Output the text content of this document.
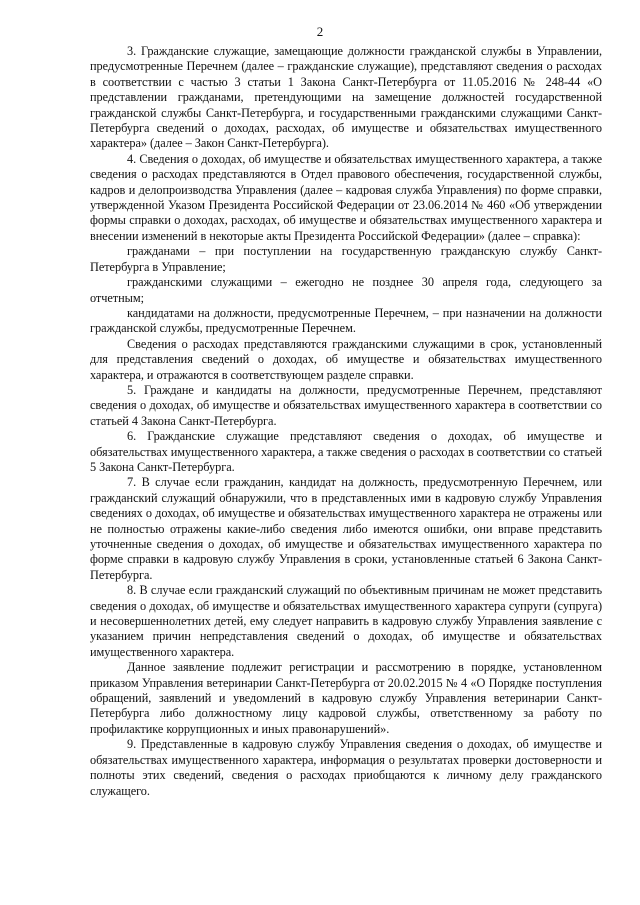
2

3. Гражданские служащие, замещающие должности гражданской службы в Управлении, предусмотренные Перечнем (далее – гражданские служащие), представляют сведения о расходах в соответствии с частью 3 статьи 1 Закона Санкт-Петербурга от 11.05.2016 № 248-44 «О представлении гражданами, претендующими на замещение должностей государственной гражданской службы Санкт-Петербурга, и государственными гражданскими служащими Санкт-Петербурга сведений о доходах, расходах, об имуществе и обязательствах имущественного характера» (далее – Закон Санкт-Петербурга).

4. Сведения о доходах, об имуществе и обязательствах имущественного характера, а также сведения о расходах представляются в Отдел правового обеспечения, государственной службы, кадров и делопроизводства Управления (далее – кадровая служба Управления) по форме справки, утвержденной Указом Президента Российской Федерации от 23.06.2014 № 460 «Об утверждении формы справки о доходах, расходах, об имуществе и обязательствах имущественного характера и внесении изменений в некоторые акты Президента Российской Федерации» (далее – справка):

гражданами – при поступлении на государственную гражданскую службу Санкт-Петербурга в Управление;

гражданскими служащими – ежегодно не позднее 30 апреля года, следующего за отчетным;

кандидатами на должности, предусмотренные Перечнем, – при назначении на должности гражданской службы, предусмотренные Перечнем.

Сведения о расходах представляются гражданскими служащими в срок, установленный для представления сведений о доходах, об имуществе и обязательствах имущественного характера, и отражаются в соответствующем разделе справки.

5. Граждане и кандидаты на должности, предусмотренные Перечнем, представляют сведения о доходах, об имуществе и обязательствах имущественного характера в соответствии со статьей 4 Закона Санкт-Петербурга.

6. Гражданские служащие представляют сведения о доходах, об имуществе и обязательствах имущественного характера, а также сведения о расходах в соответствии со статьей 5 Закона Санкт-Петербурга.

7. В случае если гражданин, кандидат на должность, предусмотренную Перечнем, или гражданский служащий обнаружили, что в представленных ими в кадровую службу Управления сведениях о доходах, об имуществе и обязательствах имущественного характера не отражены или не полностью отражены какие-либо сведения либо имеются ошибки, они вправе представить уточненные сведения о доходах, об имуществе и обязательствах имущественного характера по форме справки в кадровую службу Управления в сроки, установленные статьей 6 Закона Санкт-Петербурга.

8. В случае если гражданский служащий по объективным причинам не может представить сведения о доходах, об имуществе и обязательствах имущественного характера супруги (супруга) и несовершеннолетних детей, ему следует направить в кадровую службу Управления заявление с указанием причин непредставления сведений о доходах, об имуществе и обязательствах имущественного характера.

Данное заявление подлежит регистрации и рассмотрению в порядке, установленном приказом Управления ветеринарии Санкт-Петербурга от 20.02.2015 № 4 «О Порядке поступления обращений, заявлений и уведомлений в кадровую службу Управления ветеринарии Санкт-Петербурга либо должностному лицу кадровой службы, ответственному за работу по профилактике коррупционных и иных правонарушений».

9. Представленные в кадровую службу Управления сведения о доходах, об имуществе и обязательствах имущественного характера, информация о результатах проверки достоверности и полноты этих сведений, сведения о расходах приобщаются к личному делу гражданского служащего.
